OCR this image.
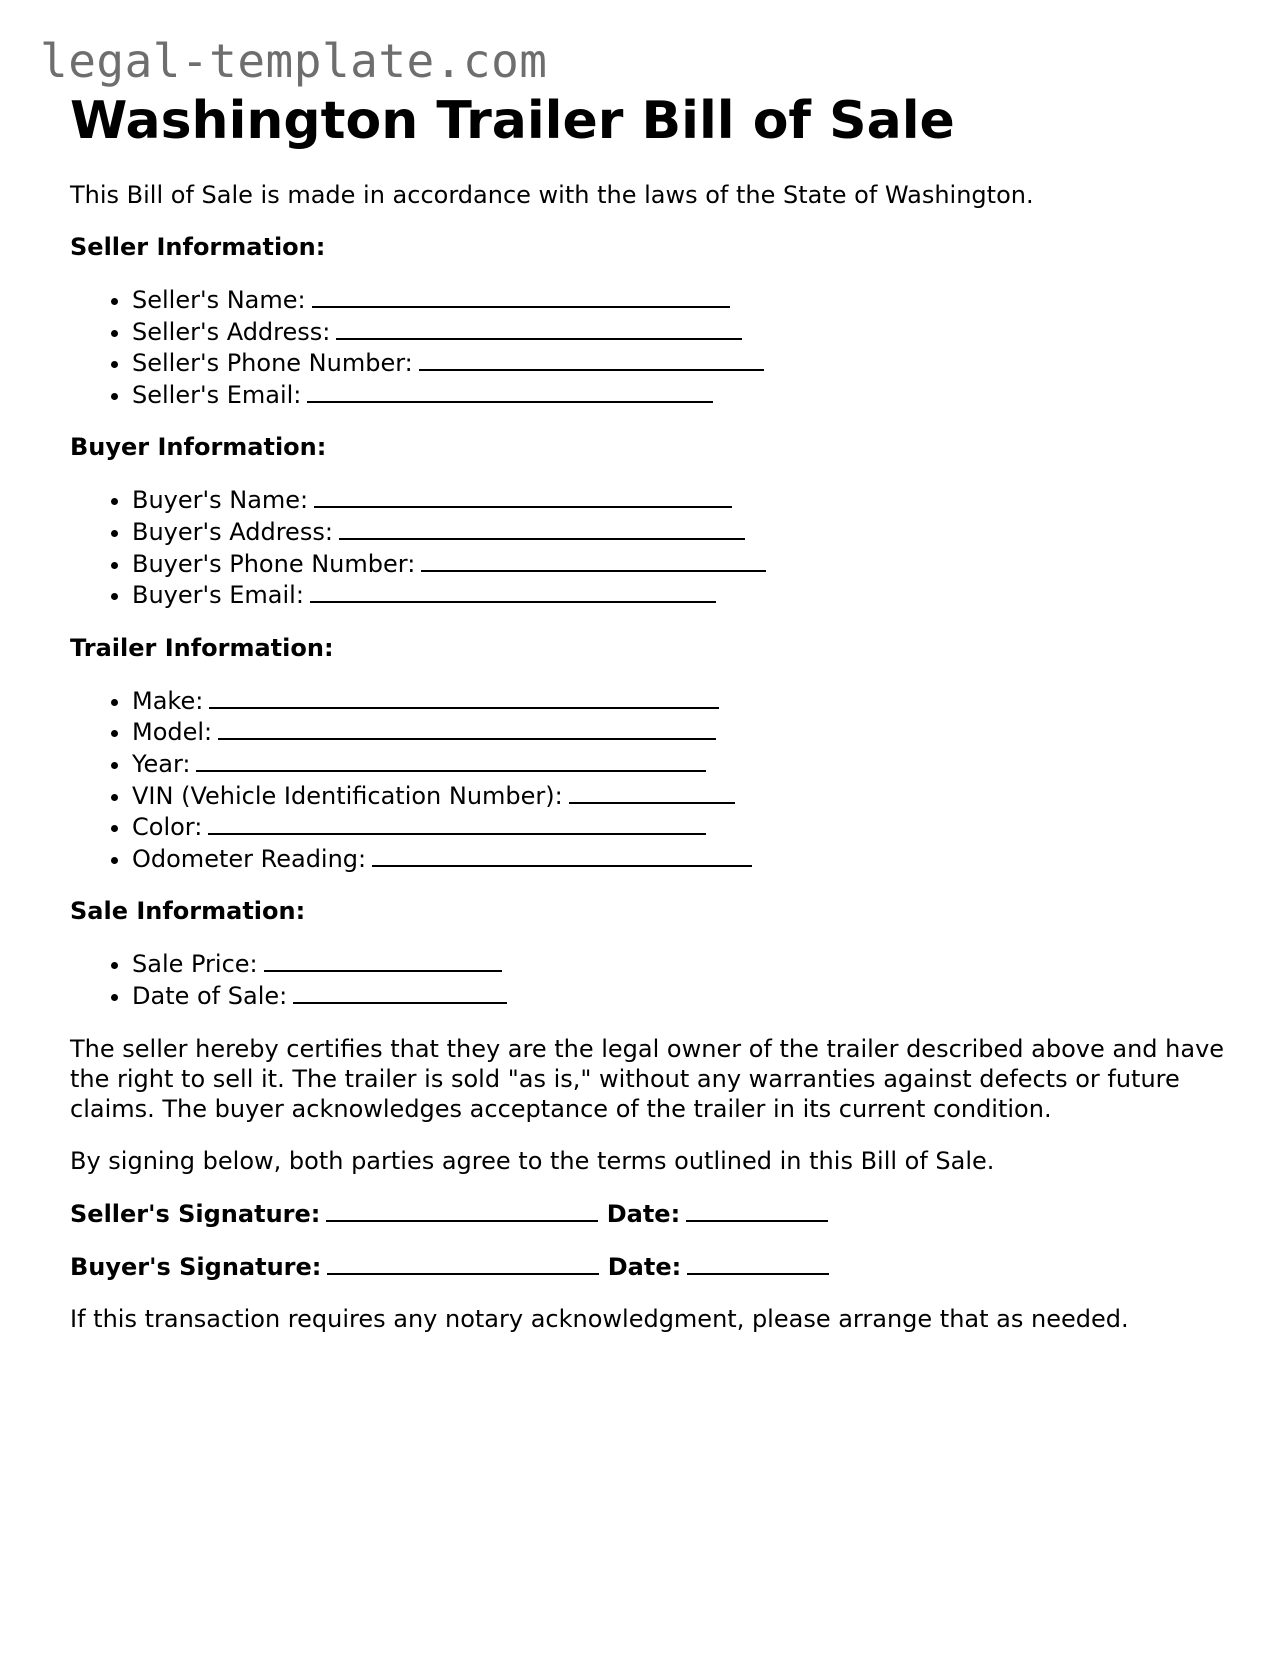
legal-template.com
Washington Trailer Bill of Sale

This Bill of Sale is made in accordance with the laws of the State of Washington.

Seller Information:
• Seller's Name:
• Seller's Address:
• Seller's Phone Number:
• Seller's Email:
Buyer Information:
• Buyer's Name:
• Buyer's Address:
• Buyer's Phone Number:
• Buyer's Email:
Trailer Information:
• Make:
• Model:
• Year:
• VIN (Vehicle Identification Number):
• Color:
• Odometer Reading:
Sale Information:
• Sale Price:
• Date of Sale:

The seller hereby certifies that they are the legal owner of the trailer described above and have the right to sell it. The trailer is sold "as is," without any warranties against defects or future claims. The buyer acknowledges acceptance of the trailer in its current condition.

By signing below, both parties agree to the terms outlined in this Bill of Sale.

Seller's Signature:	Date:
Buyer's Signature:	Date:

If this transaction requires any notary acknowledgment, please arrange that as needed.
